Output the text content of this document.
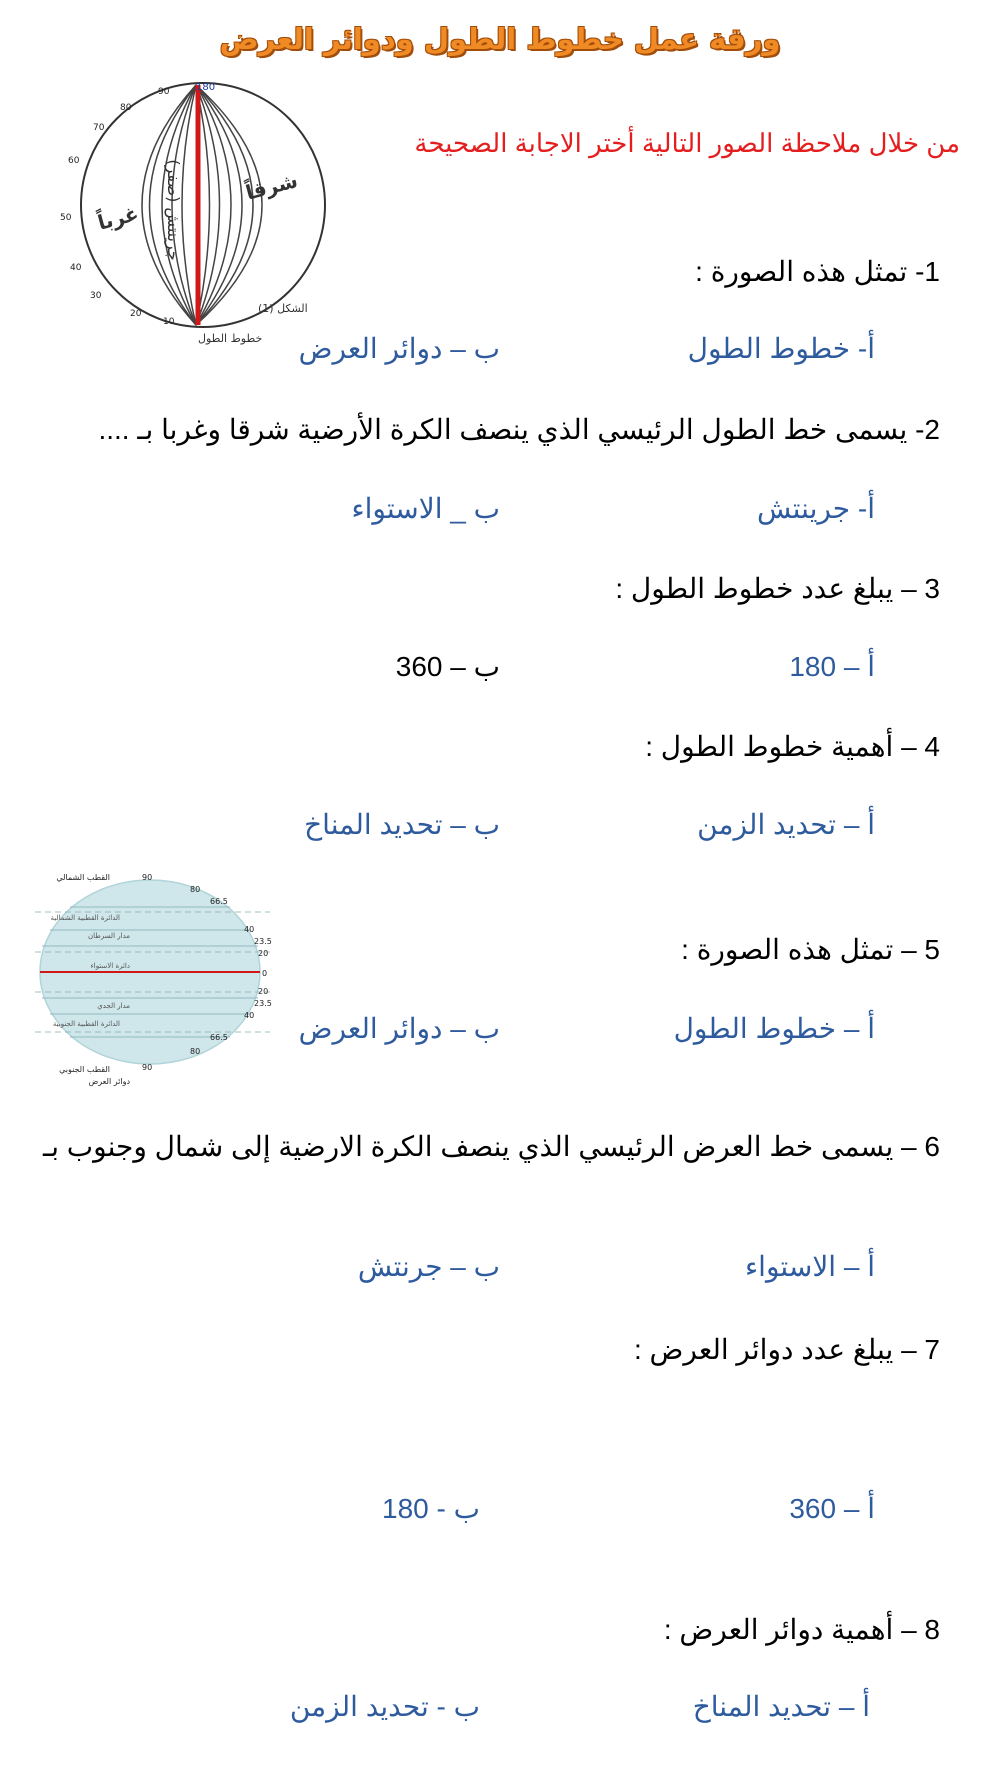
ورقة عمل خطوط الطول ودوائر العرض
180
90
80
70
60
50
40
30
20
10
شرقاً
غرباً جرينتش (صفر)
الشكل (1)
خطوط الطول
من خلال ملاحظة الصور التالية أختر الاجابة الصحيحة
1- تمثل هذه الصورة :
أ- خطوط الطول
ب – دوائر العرض
2- يسمى خط الطول الرئيسي الذي ينصف الكرة الأرضية شرقا وغربا بـ ....
أ- جرينتش
ب _ الاستواء
3 – يبلغ عدد خطوط الطول :
أ – 180
ب – 360
4 – أهمية خطوط الطول :
أ – تحديد الزمن
ب – تحديد المناخ
القطب الشمالي	90
80
66.5
40
23.5
20
0
20
23.5
40
66.5
80
90
الدائرة القطبية الشمالية
مدار السرطان
دائرة الاستواء
مدار الجدي
الدائرة القطبية الجنوبية
القطب الجنوبي
دوائر العرض
5 – تمثل هذه الصورة :
أ – خطوط الطول
ب – دوائر العرض
6 – يسمى خط العرض الرئيسي الذي ينصف الكرة الارضية إلى شمال وجنوب بـ
أ – الاستواء
ب – جرنتش
7 – يبلغ عدد دوائر العرض :
أ – 360
ب - 180
8 – أهمية دوائر العرض :
أ – تحديد المناخ
ب - تحديد الزمن
